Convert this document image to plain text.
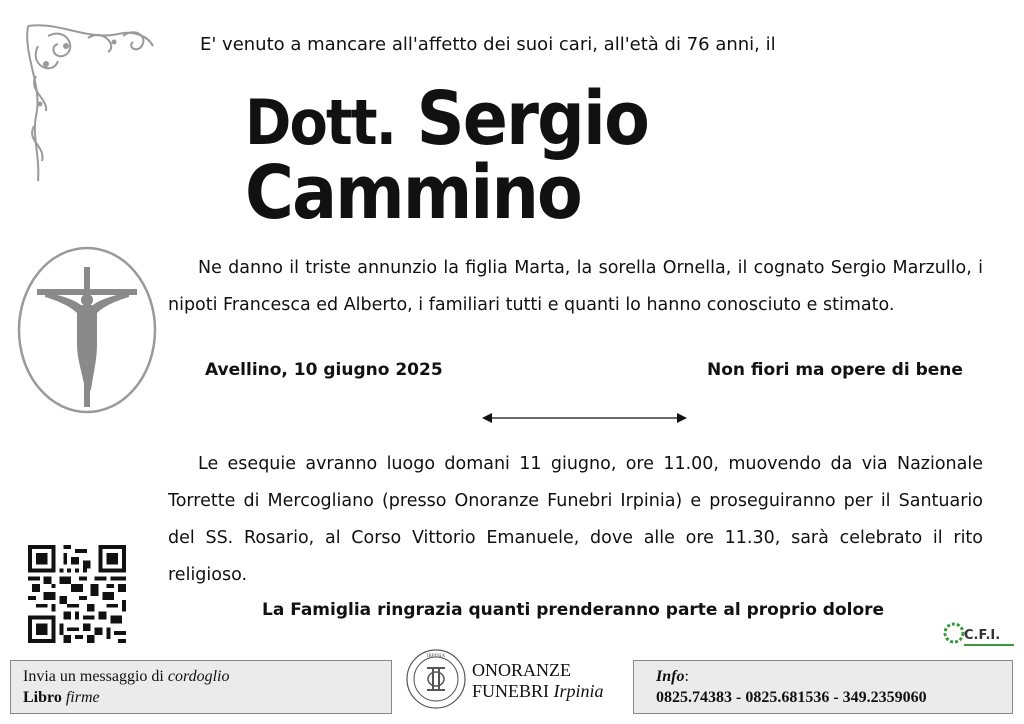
E' venuto a mancare all'affetto dei suoi cari, all'età di 76 anni, il
Dott. Sergio Cammino
Ne danno il triste annunzio la figlia Marta, la sorella Ornella, il cognato Sergio Marzullo, i nipoti Francesca ed Alberto, i familiari tutti e quanti lo hanno conosciuto e stimato.
Avellino, 10 giugno 2025	Non fiori ma opere di bene
Le esequie avranno luogo domani 11 giugno, ore 11.00, muovendo da via Nazionale Torrette di Mercogliano (presso Onoranze Funebri Irpinia) e proseguiranno per il Santuario del SS. Rosario, al Corso Vittorio Emanuele, dove alle ore 11.30, sarà celebrato il rito religioso.
La Famiglia ringrazia quanti prenderanno parte al proprio dolore
C.F.I.
Invia un messaggio di cordoglio
Libro firme
IRPINIA
ONORANZE
FUNEBRI Irpinia
Info:
0825.74383 - 0825.681536 - 349.2359060
